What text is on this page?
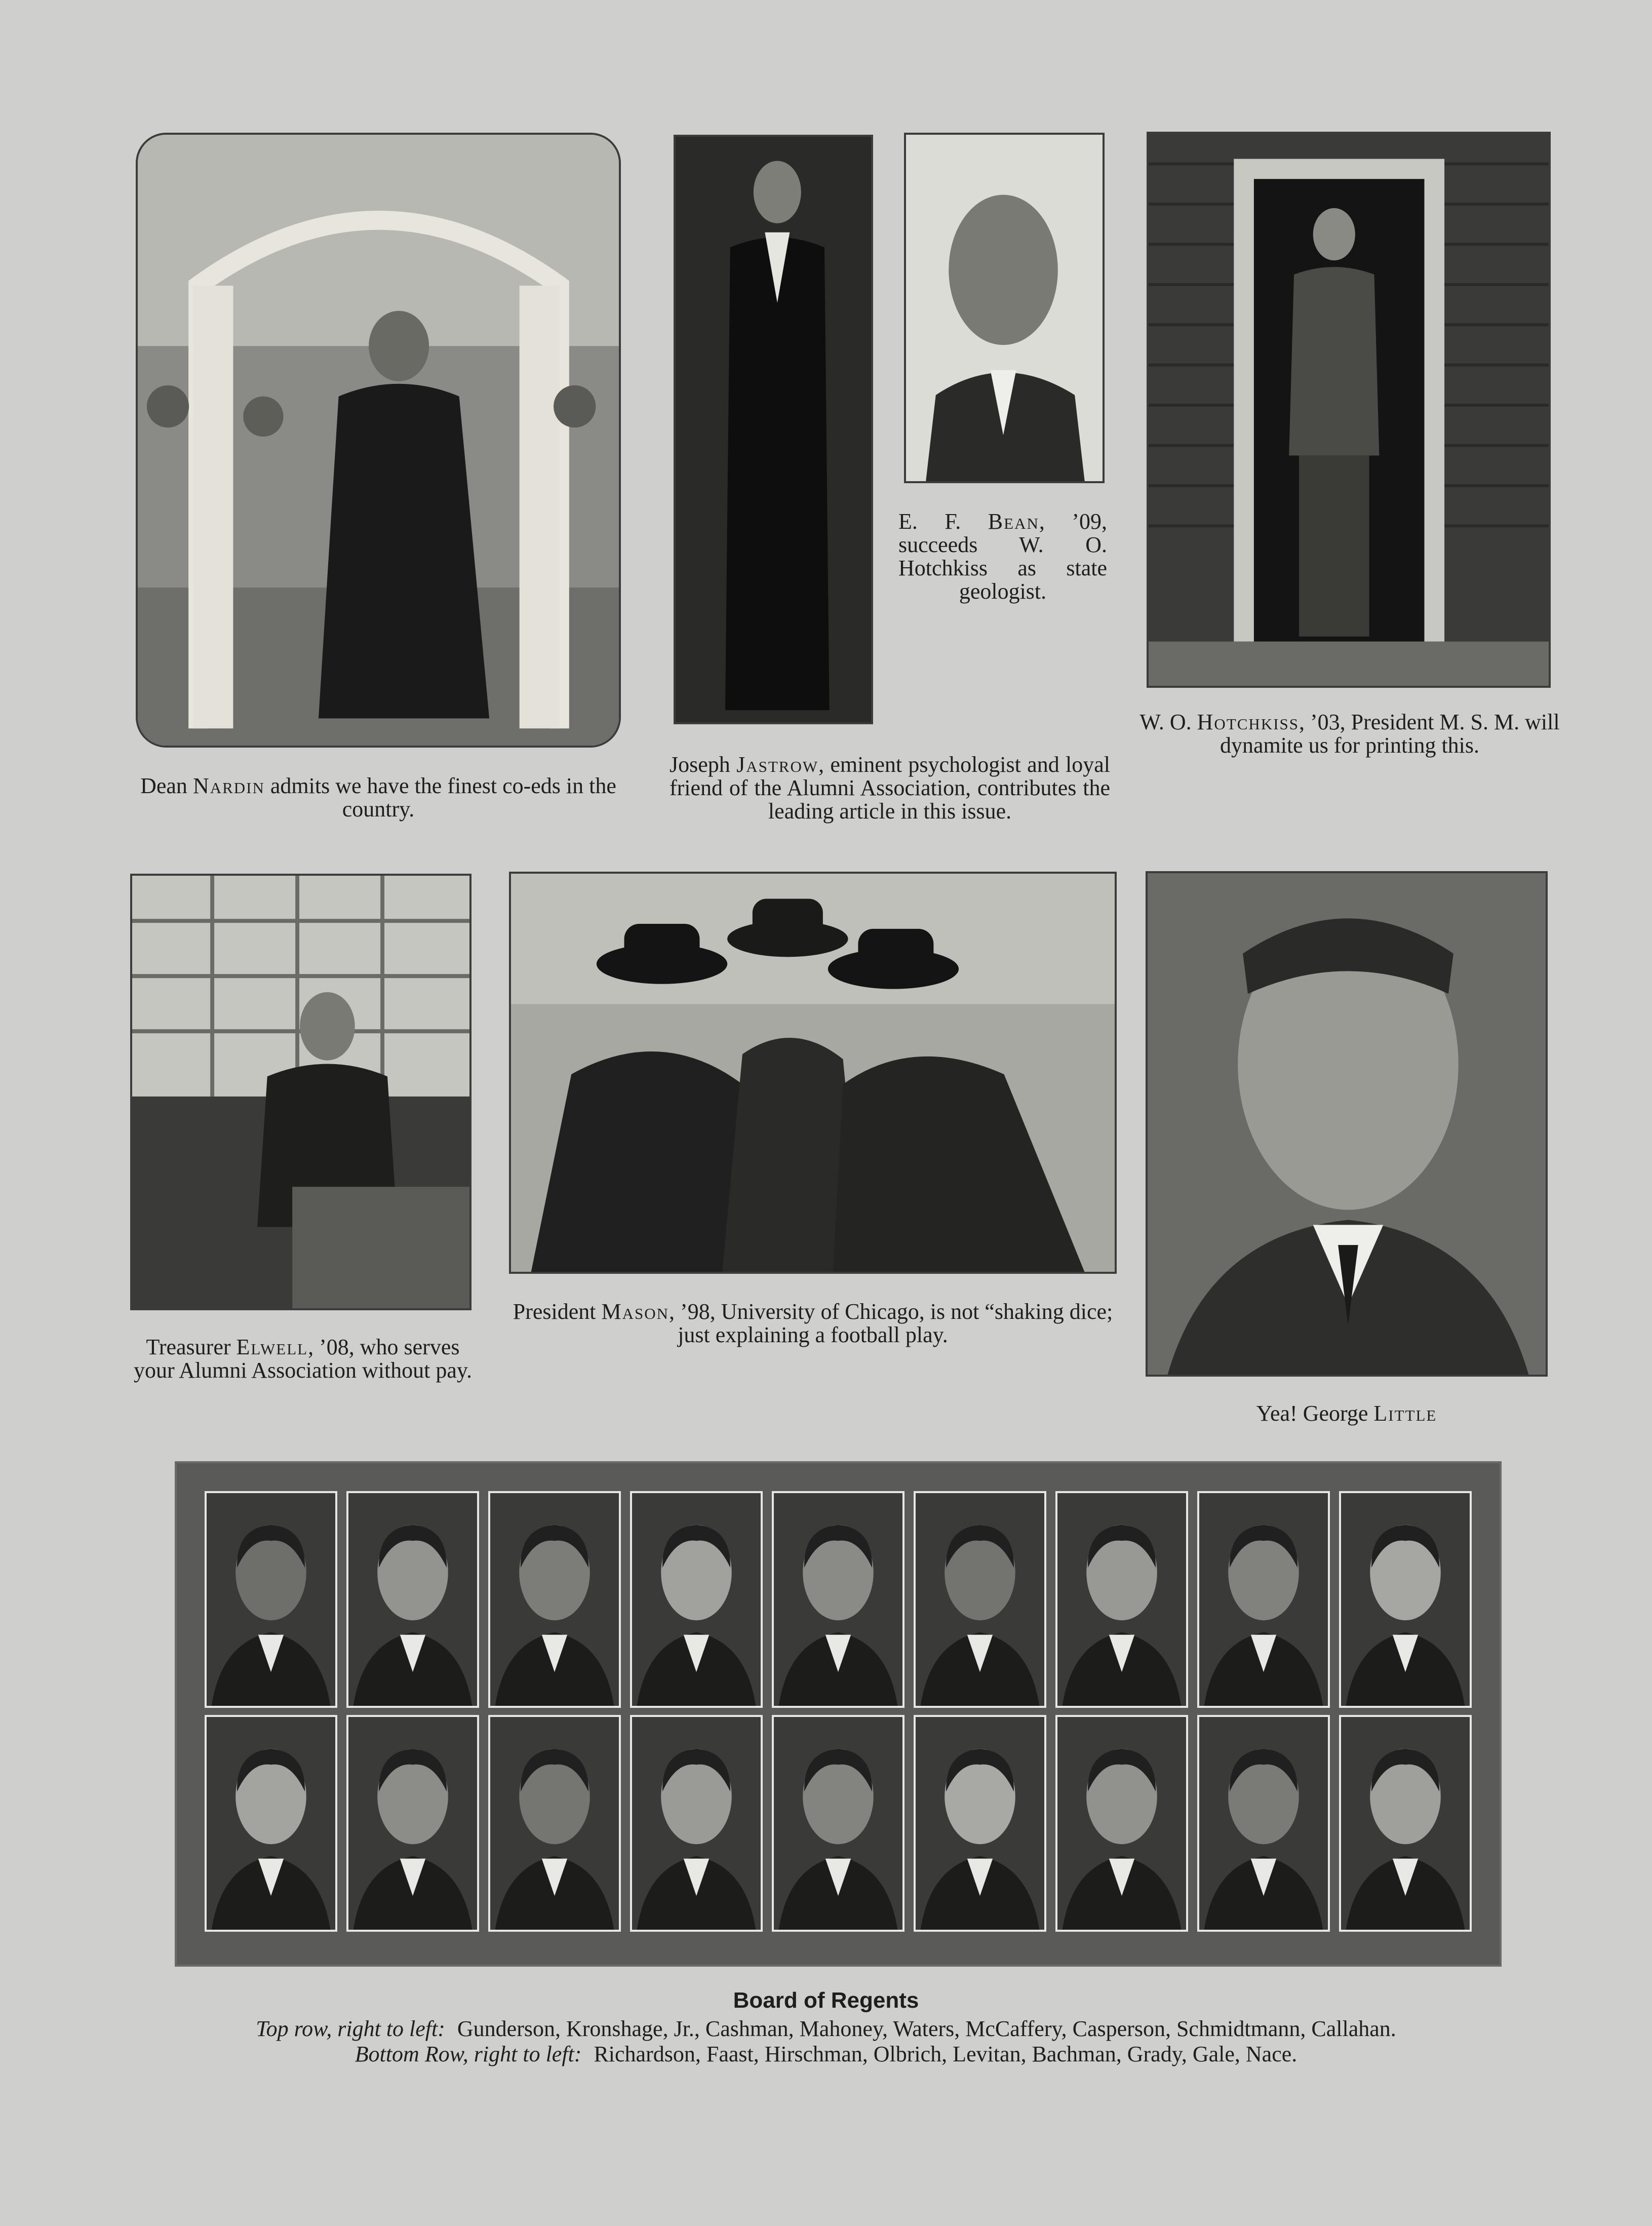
Dean Nardin admits we have the finest co-eds in the country.
Joseph Jastrow, eminent psychologist and loyal friend of the Alumni Association, contributes the leading article in this issue.
E. F. Bean, ’09, succeeds W. O. Hotchkiss as state geologist.
W. O. Hotchkiss, ’03, President M. S. M. will dynamite us for printing this.
Treasurer Elwell, ’08, who serves your Alumni Association without pay.
President Mason, ’98, University of Chicago, is not “shaking dice; just explaining a football play.
Yea! George Little
Board of Regents
Top row, right to left: Gunderson, Kronshage, Jr., Cashman, Mahoney, Waters, McCaffery, Casperson, Schmidtmann, Callahan.
Bottom Row, right to left: Richardson, Faast, Hirschman, Olbrich, Levitan, Bachman, Grady, Gale, Nace.
